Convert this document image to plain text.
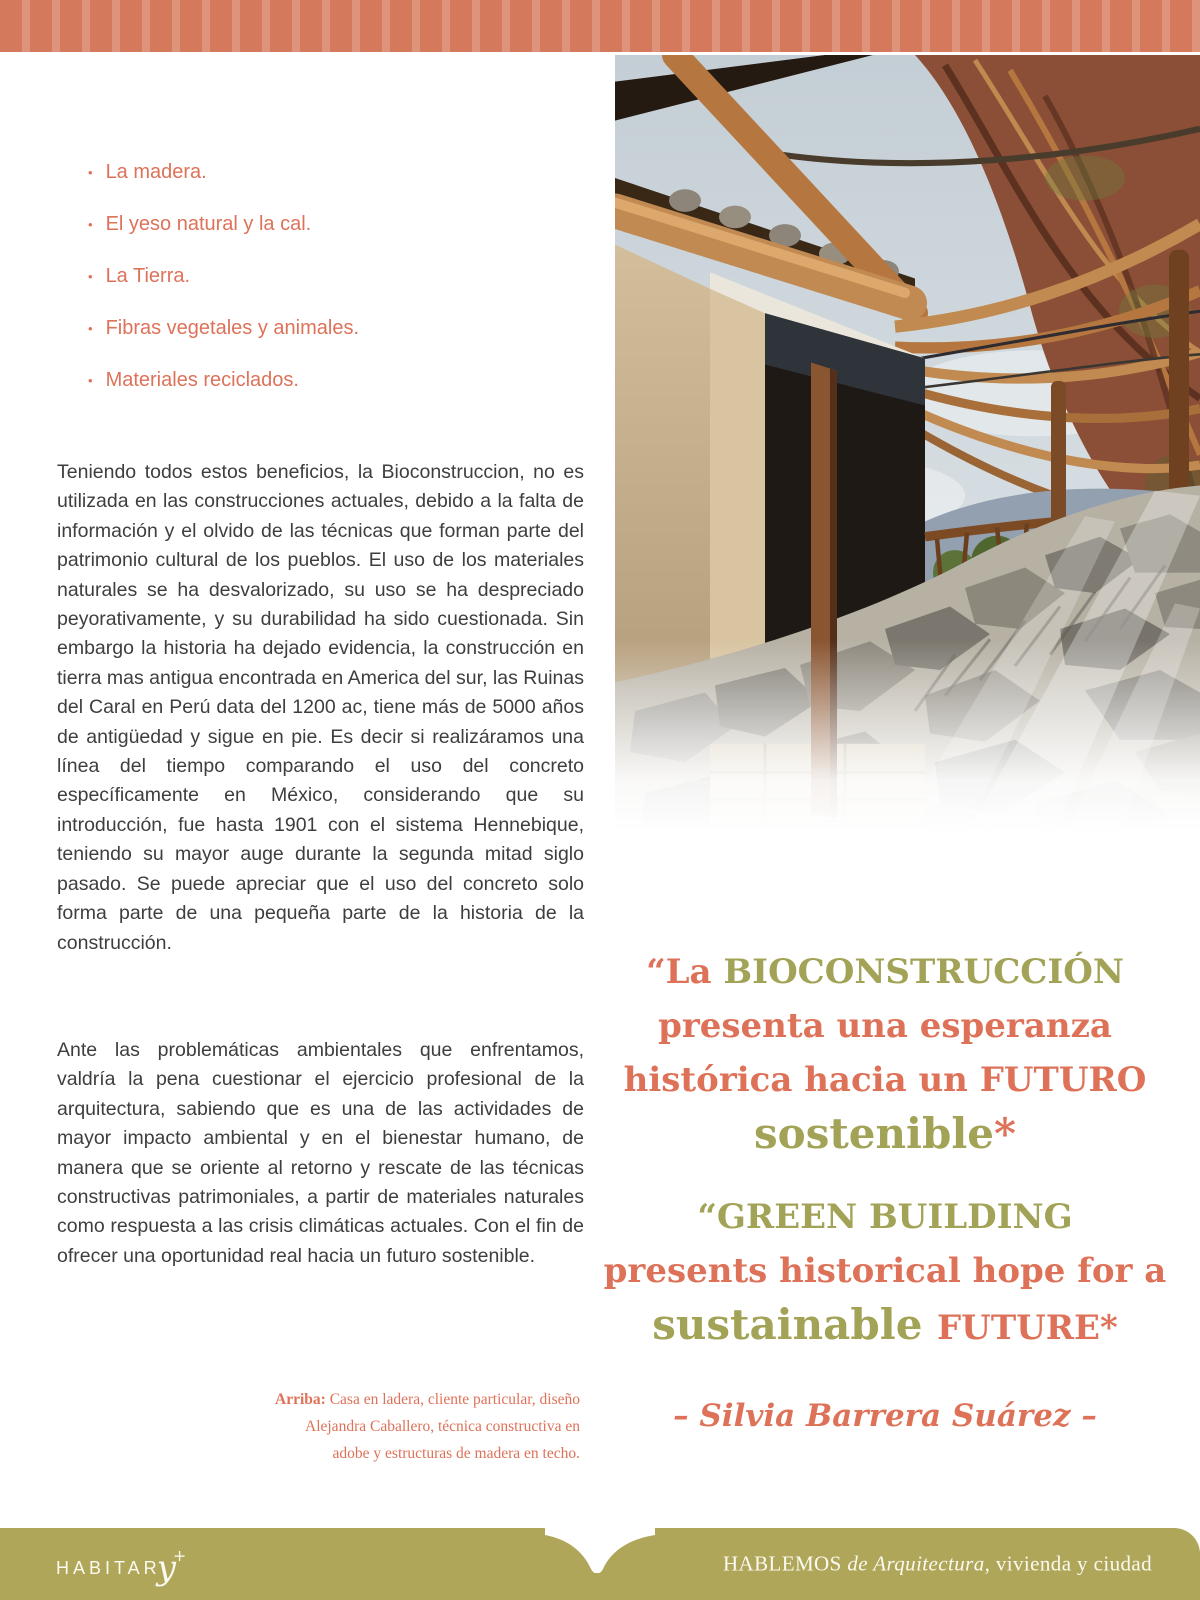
• La madera.
• El yeso natural y la cal.
• La Tierra.
• Fibras vegetales y animales.
• Materiales reciclados.

Teniendo todos estos beneficios, la Bioconstruccion, no es utilizada en las construcciones actuales, debido a la falta de información y el olvido de las técnicas que forman parte del patrimonio cultural de los pueblos. El uso de los materiales naturales se ha desvalorizado, su uso se ha despreciado peyorativamente, y su durabilidad ha sido cuestionada. Sin embargo la historia ha dejado evidencia, la construcción en tierra mas antigua encontrada en America del sur, las Ruinas del Caral en Perú data del 1200 ac, tiene más de 5000 años de antigüedad y sigue en pie. Es decir si realizáramos una línea del tiempo comparando el uso del concreto específicamente en México, considerando que su introducción, fue hasta 1901 con el sistema Hennebique, teniendo su mayor auge durante la segunda mitad siglo pasado. Se puede apreciar que el uso del concreto solo forma parte de una pequeña parte de la historia de la construcción.

Ante las problemáticas ambientales que enfrentamos, valdría la pena cuestionar el ejercicio profesional de la arquitectura, sabiendo que es una de las actividades de mayor impacto ambiental y en el bienestar humano, de manera que se oriente al retorno y rescate de las técnicas constructivas patrimoniales, a partir de materiales naturales como respuesta a las crisis climáticas actuales. Con el fin de ofrecer una oportunidad real hacia un futuro sostenible.

Arriba: Casa en ladera, cliente particular, diseño
Alejandra Caballero, técnica constructiva en
adobe y estructuras de madera en techo.
“La BIOCONSTRUCCIÓN
presenta una esperanza
histórica hacia un FUTURO
sostenible*
“GREEN BUILDING
presents historical hope for a
sustainable FUTURE*
– Silvia Barrera Suárez –
habitary+	HABLEMOS de Arquitectura, vivienda y ciudad
